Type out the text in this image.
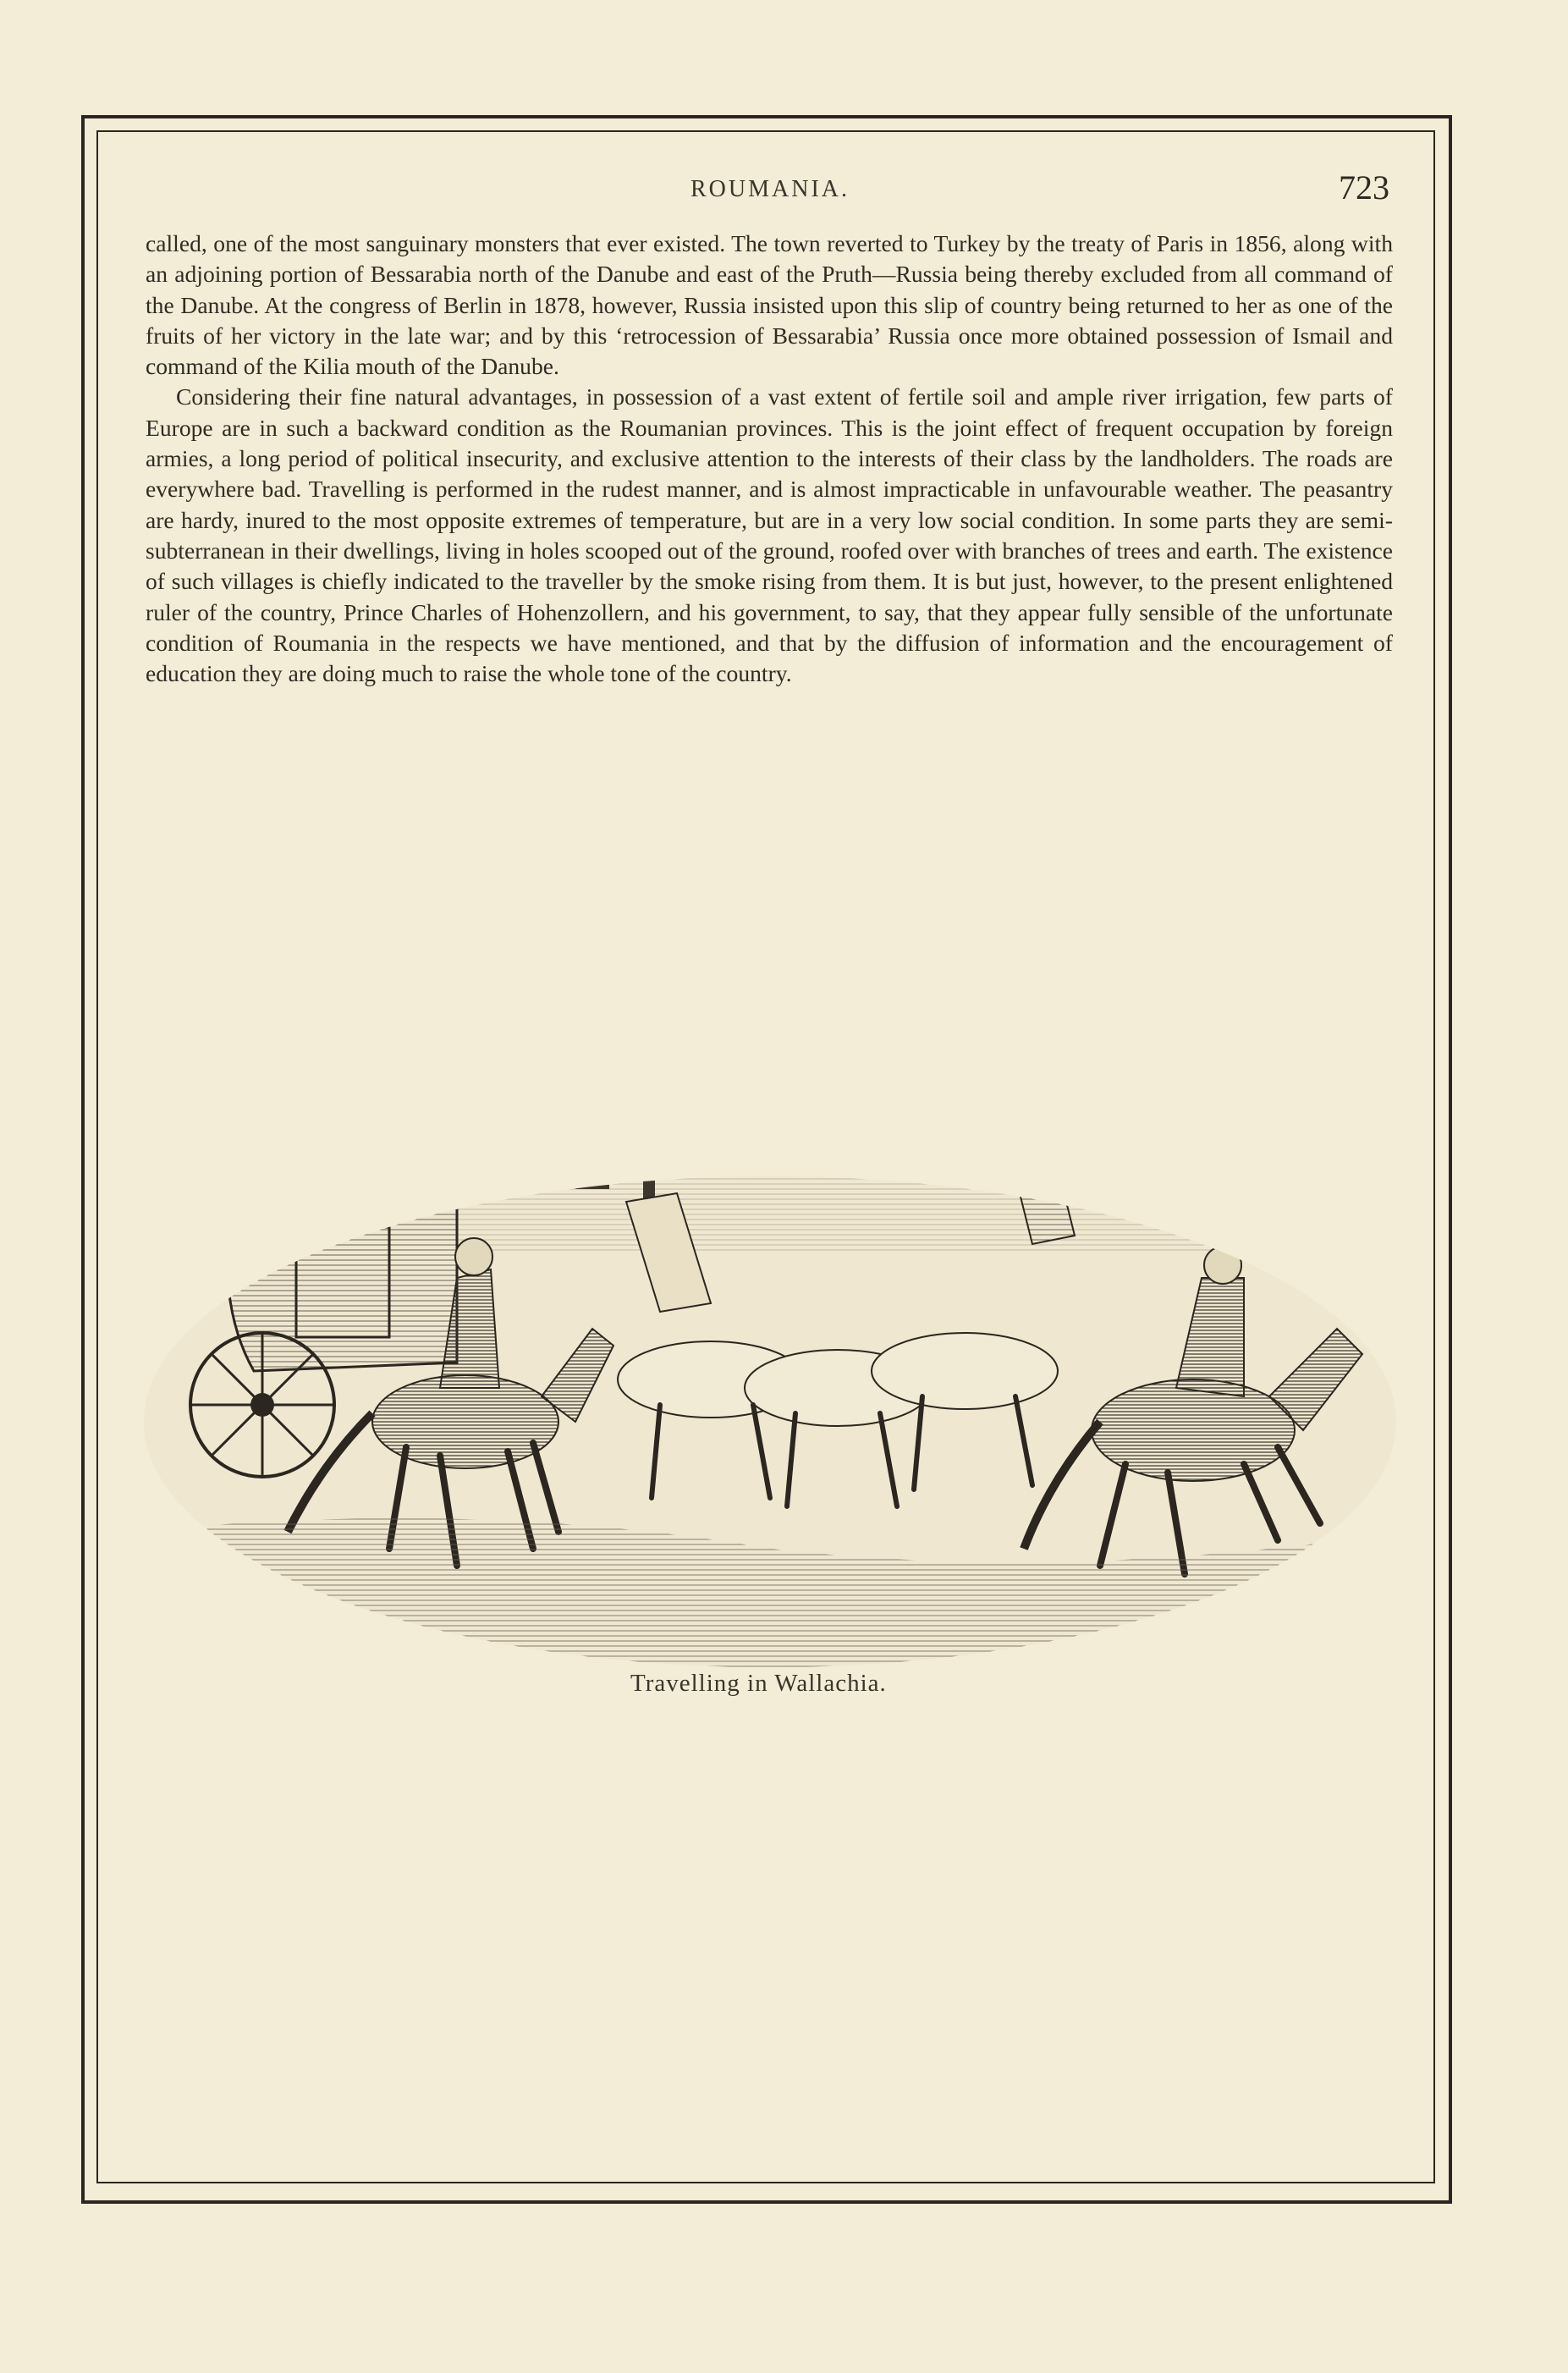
ROUMANIA.	723

called, one of the most sanguinary monsters that ever existed. The town reverted to Turkey by the treaty of Paris in 1856, along with an adjoining portion of Bessarabia north of the Danube and east of the Pruth—Russia being thereby excluded from all command of the Danube. At the congress of Berlin in 1878, however, Russia insisted upon this slip of country being returned to her as one of the fruits of her victory in the late war; and by this ‘retrocession of Bessarabia’ Russia once more obtained possession of Ismail and command of the Kilia mouth of the Danube.

Considering their fine natural advantages, in possession of a vast extent of fertile soil and ample river irrigation, few parts of Europe are in such a backward condition as the Roumanian provinces. This is the joint effect of frequent occupation by foreign armies, a long period of political insecurity, and exclusive attention to the interests of their class by the landholders. The roads are everywhere bad. Travelling is performed in the rudest manner, and is almost impracticable in unfavourable weather. The peasantry are hardy, inured to the most opposite extremes of temperature, but are in a very low social condition. In some parts they are semi-subterranean in their dwellings, living in holes scooped out of the ground, roofed over with branches of trees and earth. The existence of such villages is chiefly indicated to the traveller by the smoke rising from them. It is but just, however, to the present enlightened ruler of the country, Prince Charles of Hohenzollern, and his government, to say, that they appear fully sensible of the unfortunate condition of Roumania in the respects we have mentioned, and that by the diffusion of information and the encouragement of education they are doing much to raise the whole tone of the country.

Travelling in Wallachia.
